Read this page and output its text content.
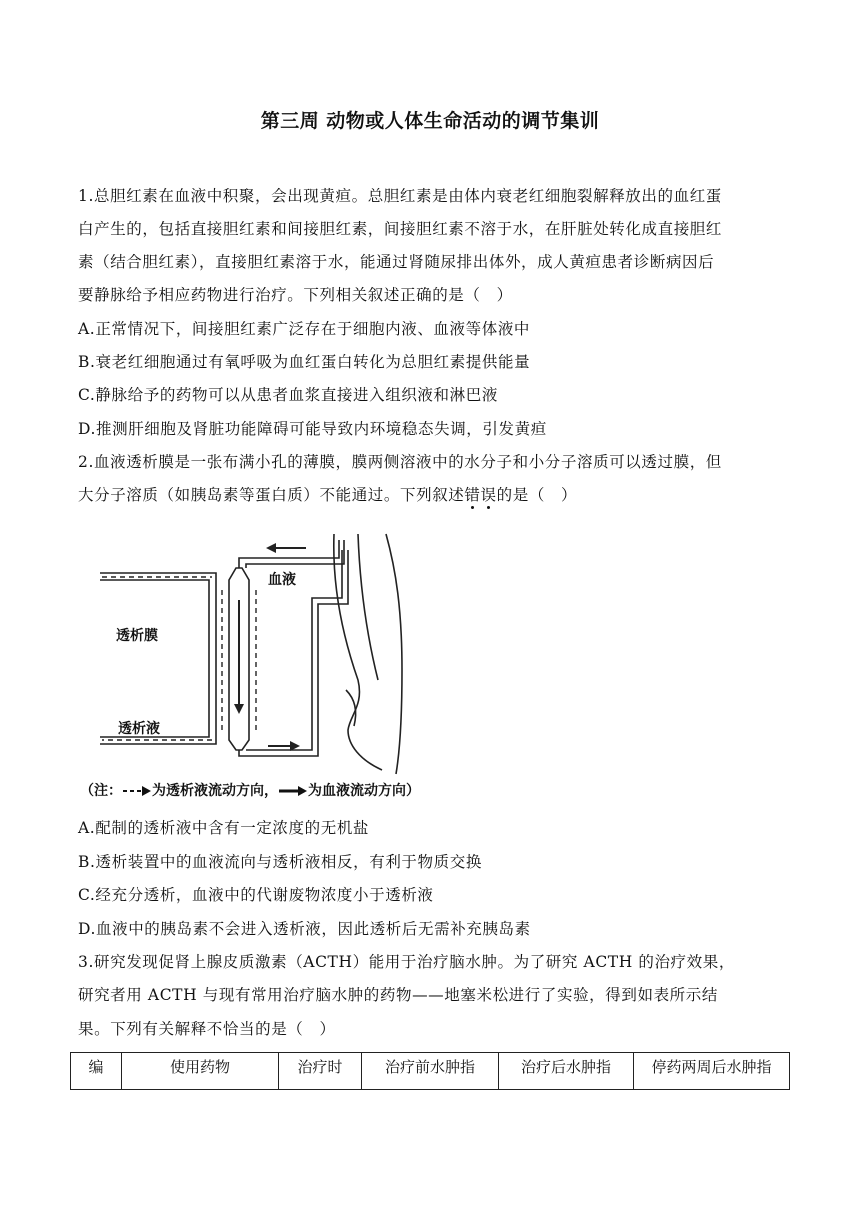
第三周 动物或人体生命活动的调节集训
1.总胆红素在血液中积聚，会出现黄疸。总胆红素是由体内衰老红细胞裂解释放出的血红蛋
白产生的，包括直接胆红素和间接胆红素，间接胆红素不溶于水，在肝脏处转化成直接胆红
素（结合胆红素），直接胆红素溶于水，能通过肾随尿排出体外，成人黄疸患者诊断病因后
要静脉给予相应药物进行治疗。下列相关叙述正确的是（　）
A.正常情况下，间接胆红素广泛存在于细胞内液、血液等体液中
B.衰老红细胞通过有氧呼吸为血红蛋白转化为总胆红素提供能量
C.静脉给予的药物可以从患者血浆直接进入组织液和淋巴液
D.推测肝细胞及肾脏功能障碍可能导致内环境稳态失调，引发黄疸
2.血液透析膜是一张布满小孔的薄膜，膜两侧溶液中的水分子和小分子溶质可以透过膜，但
大分子溶质（如胰岛素等蛋白质）不能通过。下列叙述错误的是（　）
血液
透析膜
透析液
（注： 为透析液流动方向， 为血液流动方向）
A.配制的透析液中含有一定浓度的无机盐
B.透析装置中的血液流向与透析液相反，有利于物质交换
C.经充分透析，血液中的代谢废物浓度小于透析液
D.血液中的胰岛素不会进入透析液，因此透析后无需补充胰岛素
3.研究发现促肾上腺皮质激素（ACTH）能用于治疗脑水肿。为了研究 ACTH 的治疗效果，
研究者用 ACTH 与现有常用治疗脑水肿的药物——地塞米松进行了实验，得到如表所示结
果。下列有关解释不恰当的是（　）
编	使用药物	治疗时	治疗前水肿指	治疗后水肿指	停药两周后水肿指
